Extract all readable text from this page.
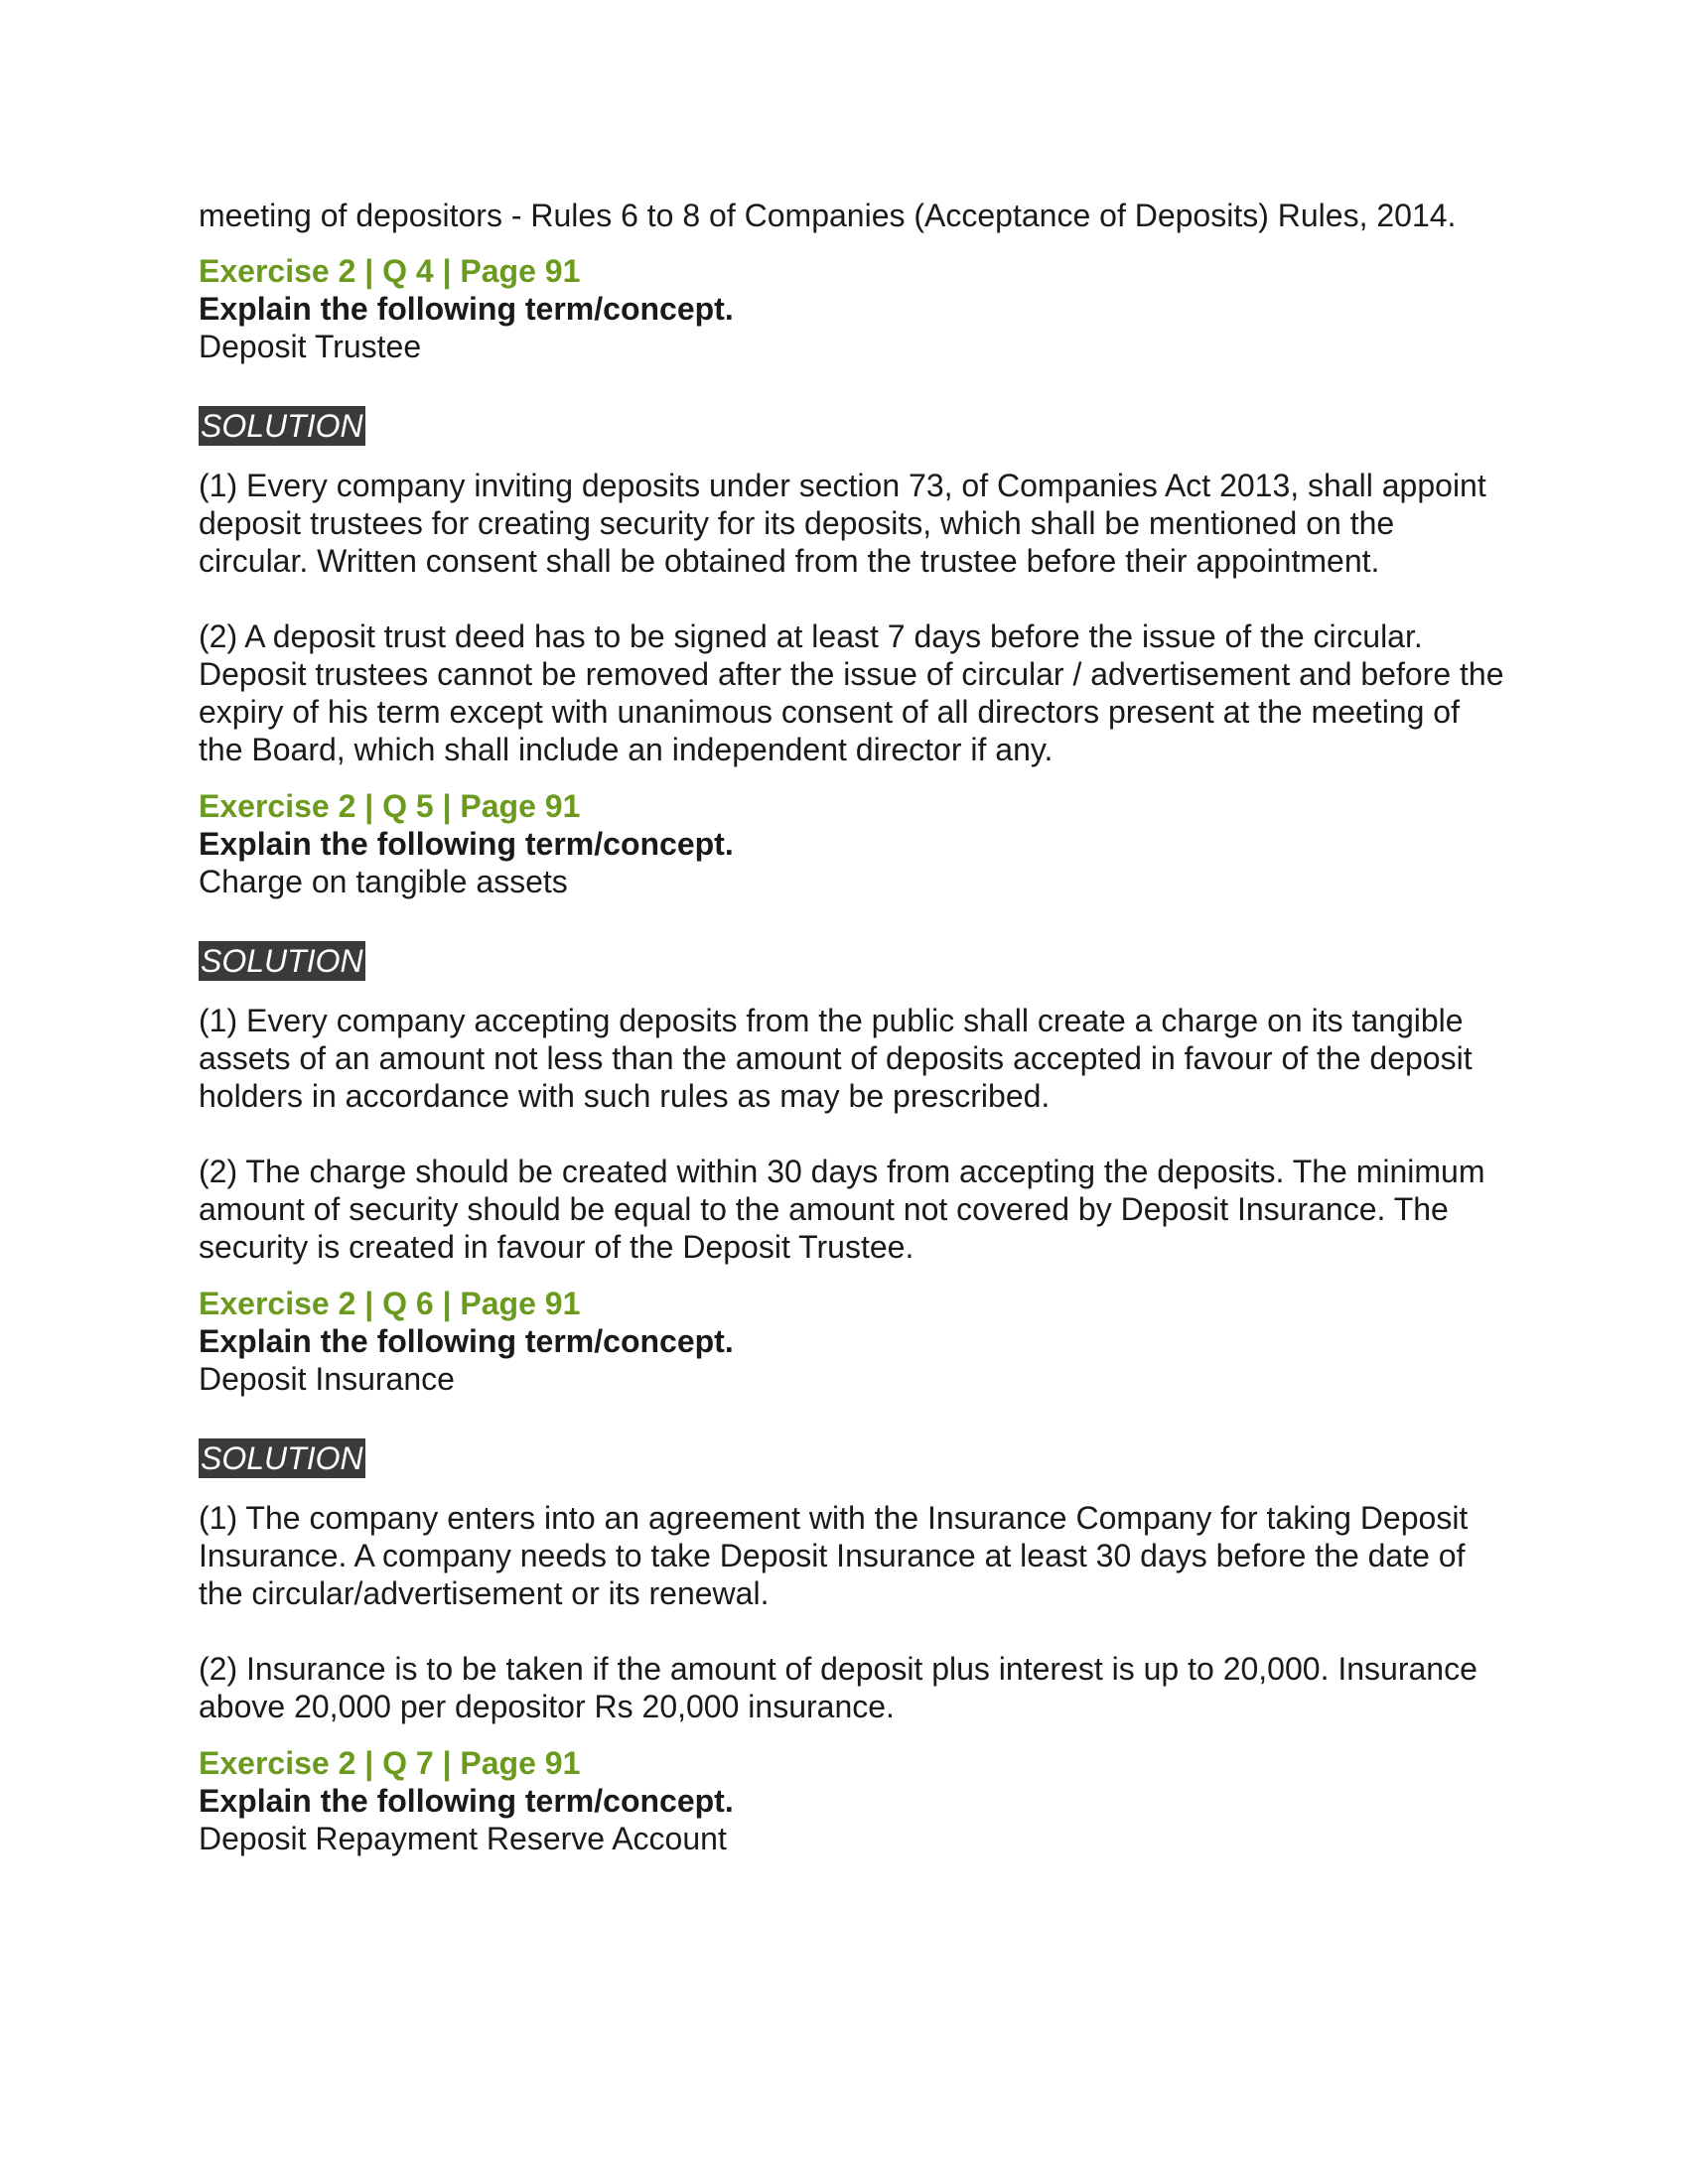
meeting of depositors - Rules 6 to 8 of Companies (Acceptance of Deposits) Rules, 2014.

Exercise 2 | Q 4 | Page 91

Explain the following term/concept.

Deposit Trustee

SOLUTION

(1) Every company inviting deposits under section 73, of Companies Act 2013, shall appoint deposit trustees for creating security for its deposits, which shall be mentioned on the circular. Written consent shall be obtained from the trustee before their appointment.

(2) A deposit trust deed has to be signed at least 7 days before the issue of the circular. Deposit trustees cannot be removed after the issue of circular / advertisement and before the expiry of his term except with unanimous consent of all directors present at the meeting of the Board, which shall include an independent director if any.

Exercise 2 | Q 5 | Page 91

Explain the following term/concept.

Charge on tangible assets

SOLUTION

(1) Every company accepting deposits from the public shall create a charge on its tangible assets of an amount not less than the amount of deposits accepted in favour of the deposit holders in accordance with such rules as may be prescribed.

(2) The charge should be created within 30 days from accepting the deposits. The minimum amount of security should be equal to the amount not covered by Deposit Insurance. The security is created in favour of the Deposit Trustee.

Exercise 2 | Q 6 | Page 91

Explain the following term/concept.

Deposit Insurance

SOLUTION

(1) The company enters into an agreement with the Insurance Company for taking Deposit Insurance. A company needs to take Deposit Insurance at least 30 days before the date of the circular/advertisement or its renewal.

(2) Insurance is to be taken if the amount of deposit plus interest is up to 20,000. Insurance above 20,000 per depositor Rs 20,000 insurance.

Exercise 2 | Q 7 | Page 91

Explain the following term/concept.

Deposit Repayment Reserve Account
